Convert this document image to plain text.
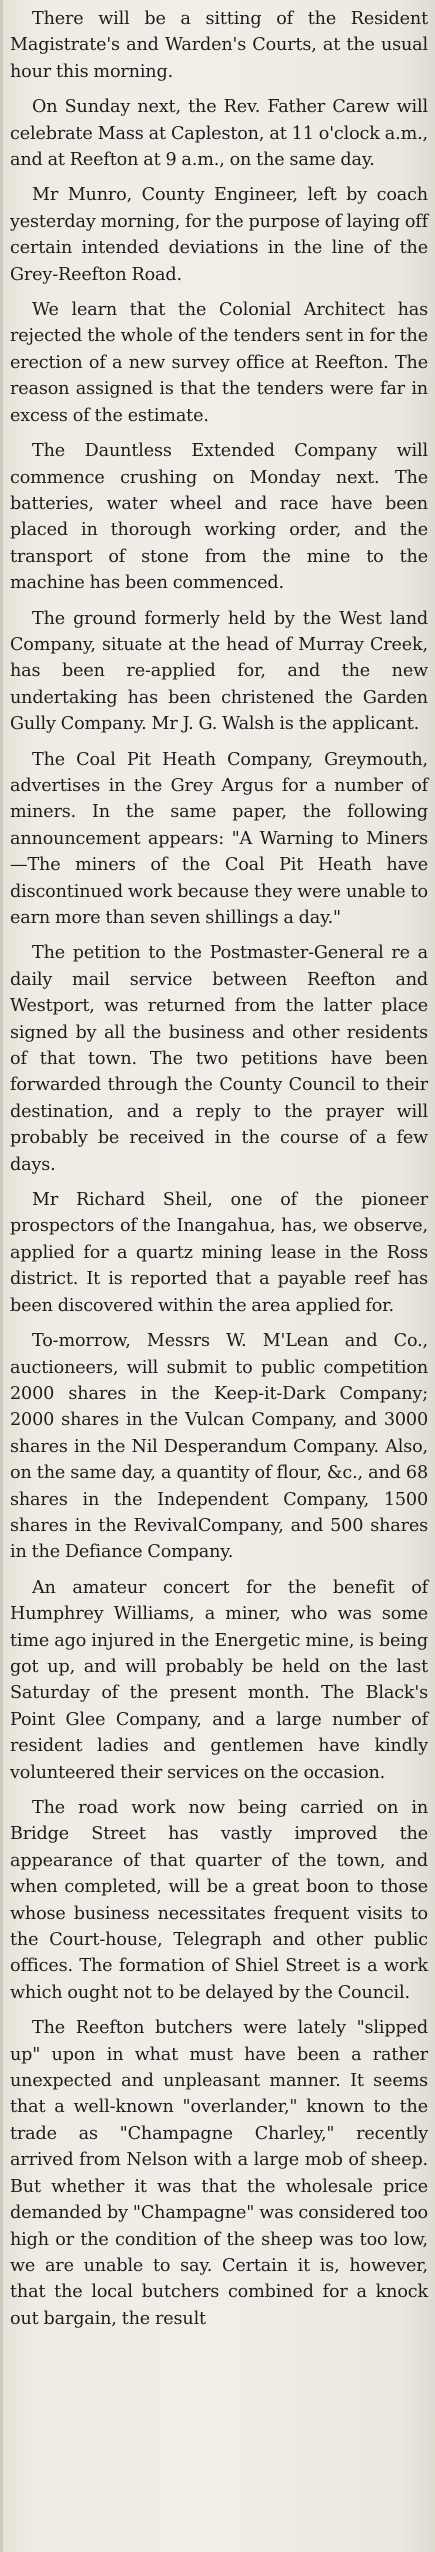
There will be a sitting of the Resident Magistrate's and Warden's Courts, at the usual hour this morning.

On Sunday next, the Rev. Father Carew will celebrate Mass at Capleston, at 11 o'clock a.m., and at Reefton at 9 a.m., on the same day.

Mr Munro, County Engineer, left by coach yesterday morning, for the purpose of laying off certain intended deviations in the line of the Grey-Reefton Road.

We learn that the Colonial Architect has rejected the whole of the tenders sent in for the erection of a new survey office at Reefton. The reason assigned is that the tenders were far in excess of the estimate.

The Dauntless Extended Company will commence crushing on Monday next. The batteries, water wheel and race have been placed in thorough working order, and the transport of stone from the mine to the machine has been commenced.

The ground formerly held by the West land Company, situate at the head of Murray Creek, has been re-applied for, and the new undertaking has been christened the Garden Gully Company. Mr J. G. Walsh is the applicant.

The Coal Pit Heath Company, Greymouth, advertises in the Grey Argus for a number of miners. In the same paper, the following announcement appears: "A Warning to Miners—The miners of the Coal Pit Heath have discontinued work because they were unable to earn more than seven shillings a day."

The petition to the Postmaster-General re a daily mail service between Reefton and Westport, was returned from the latter place signed by all the business and other residents of that town. The two petitions have been forwarded through the County Council to their destination, and a reply to the prayer will probably be received in the course of a few days.

Mr Richard Sheil, one of the pioneer prospectors of the Inangahua, has, we observe, applied for a quartz mining lease in the Ross district. It is reported that a payable reef has been discovered within the area applied for.

To-morrow, Messrs W. M'Lean and Co., auctioneers, will submit to public competition 2000 shares in the Keep-it-Dark Company; 2000 shares in the Vulcan Company, and 3000 shares in the Nil Desperandum Company. Also, on the same day, a quantity of flour, &c., and 68 shares in the Independent Company, 1500 shares in the RevivalCompany, and 500 shares in the Defiance Company.

An amateur concert for the benefit of Humphrey Williams, a miner, who was some time ago injured in the Energetic mine, is being got up, and will probably be held on the last Saturday of the present month. The Black's Point Glee Company, and a large number of resident ladies and gentlemen have kindly volunteered their services on the occasion.

The road work now being carried on in Bridge Street has vastly improved the appearance of that quarter of the town, and when completed, will be a great boon to those whose business necessitates frequent visits to the Court-house, Telegraph and other public offices. The formation of Shiel Street is a work which ought not to be delayed by the Council.

The Reefton butchers were lately "slipped up" upon in what must have been a rather unexpected and unpleasant manner. It seems that a well-known "overlander," known to the trade as "Champagne Charley," recently arrived from Nelson with a large mob of sheep. But whether it was that the wholesale price demanded by "Champagne" was considered too high or the condition of the sheep was too low, we are unable to say. Certain it is, however, that the local butchers combined for a knock out bargain, the result
